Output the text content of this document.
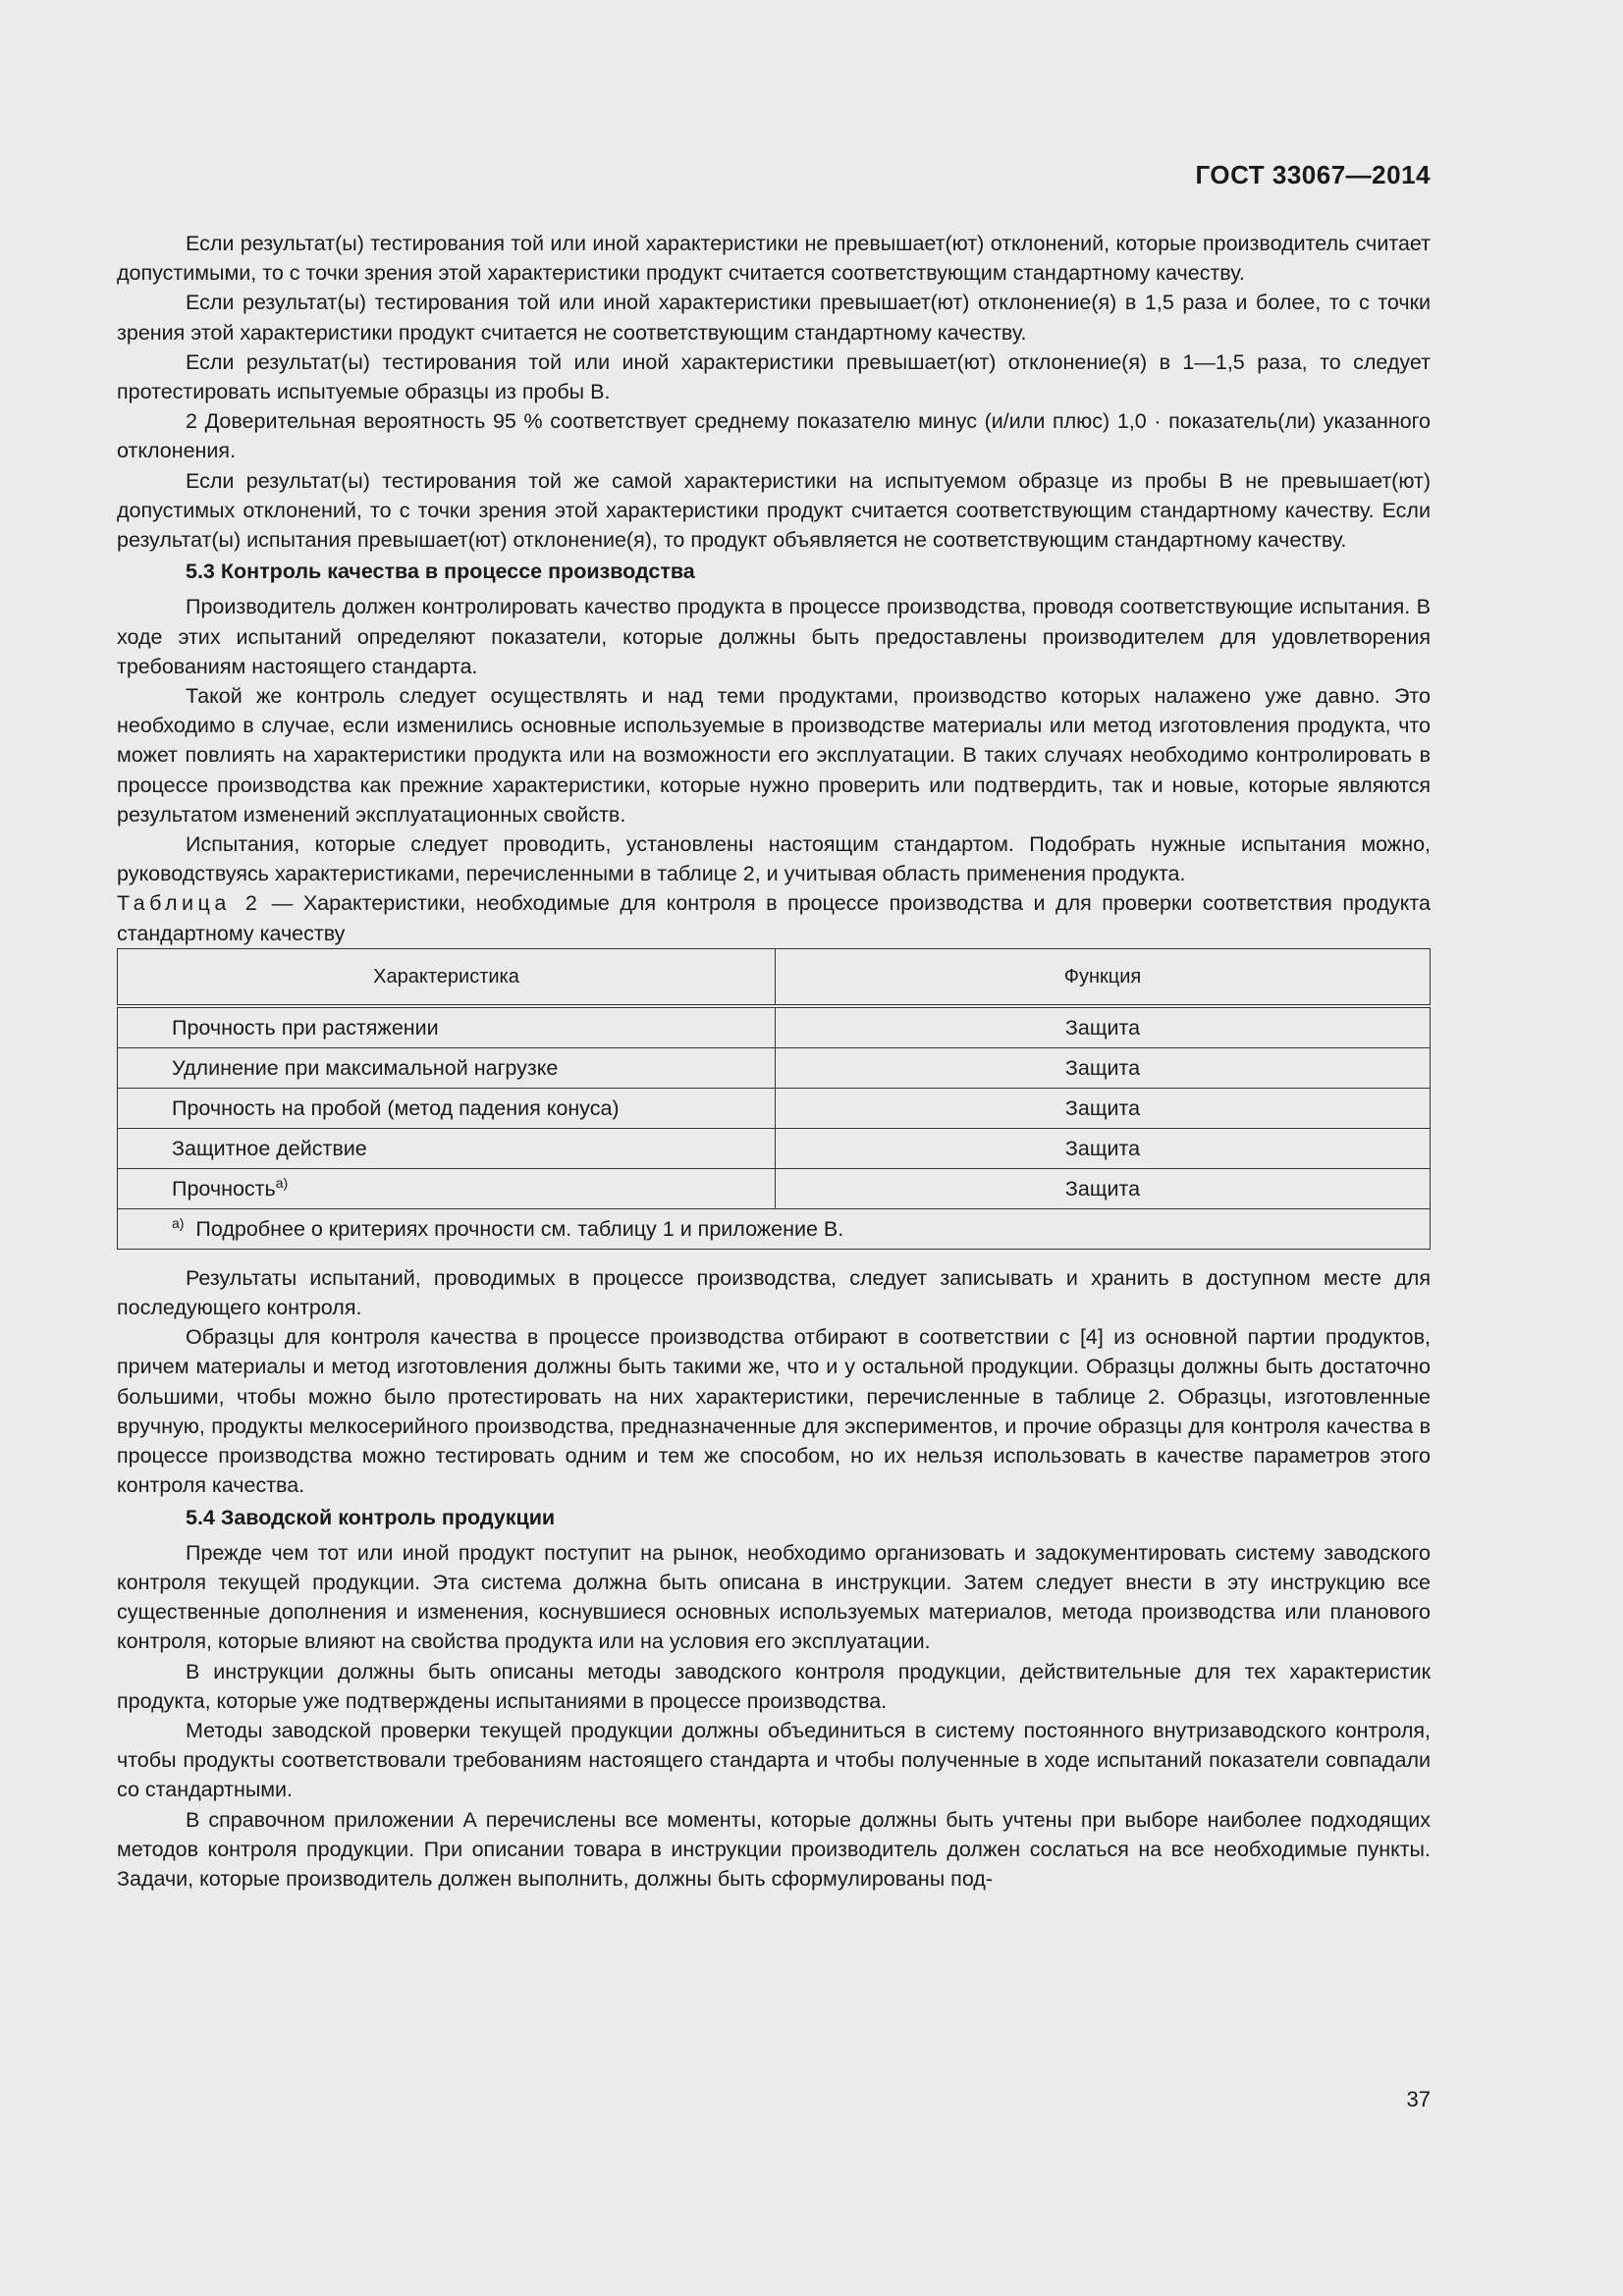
ГОСТ 33067—2014

Если результат(ы) тестирования той или иной характеристики не превышает(ют) отклонений, которые производитель считает допустимыми, то с точки зрения этой характеристики продукт считается соответствующим стандартному качеству.

Если результат(ы) тестирования той или иной характеристики превышает(ют) отклонение(я) в 1,5 раза и более, то с точки зрения этой характеристики продукт считается не соответствующим стандартному качеству.

Если результат(ы) тестирования той или иной характеристики превышает(ют) отклонение(я) в 1—1,5 раза, то следует протестировать испытуемые образцы из пробы В.

2 Доверительная вероятность 95 % соответствует среднему показателю минус (и/или плюс) 1,0 · показатель(ли) указанного отклонения.

Если результат(ы) тестирования той же самой характеристики на испытуемом образце из пробы В не превышает(ют) допустимых отклонений, то с точки зрения этой характеристики продукт считается соответствующим стандартному качеству. Если результат(ы) испытания превышает(ют) отклонение(я), то продукт объявляется не соответствующим стандартному качеству.

5.3 Контроль качества в процессе производства

Производитель должен контролировать качество продукта в процессе производства, проводя соответствующие испытания. В ходе этих испытаний определяют показатели, которые должны быть предоставлены производителем для удовлетворения требованиям настоящего стандарта.

Такой же контроль следует осуществлять и над теми продуктами, производство которых налажено уже давно. Это необходимо в случае, если изменились основные используемые в производстве материалы или метод изготовления продукта, что может повлиять на характеристики продукта или на возможности его эксплуатации. В таких случаях необходимо контролировать в процессе производства как прежние характеристики, которые нужно проверить или подтвердить, так и новые, которые являются результатом изменений эксплуатационных свойств.

Испытания, которые следует проводить, установлены настоящим стандартом. Подобрать нужные испытания можно, руководствуясь характеристиками, перечисленными в таблице 2, и учитывая область применения продукта.

Таблица 2 — Характеристики, необходимые для контроля в процессе производства и для проверки соответствия продукта стандартному качеству

Характеристика	Функция
Прочность при растяжении	Защита
Удлинение при максимальной нагрузке	Защита
Прочность на пробой (метод падения конуса)	Защита
Защитное действие	Защита
Прочность$^{а)}$	Защита
$^{а)}$ Подробнее о критериях прочности см. таблицу 1 и приложение В.	

Результаты испытаний, проводимых в процессе производства, следует записывать и хранить в доступном месте для последующего контроля.

Образцы для контроля качества в процессе производства отбирают в соответствии с [4] из основной партии продуктов, причем материалы и метод изготовления должны быть такими же, что и у остальной продукции. Образцы должны быть достаточно большими, чтобы можно было протестировать на них характеристики, перечисленные в таблице 2. Образцы, изготовленные вручную, продукты мелкосерийного производства, предназначенные для экспериментов, и прочие образцы для контроля качества в процессе производства можно тестировать одним и тем же способом, но их нельзя использовать в качестве параметров этого контроля качества.

5.4 Заводской контроль продукции

Прежде чем тот или иной продукт поступит на рынок, необходимо организовать и задокументировать систему заводского контроля текущей продукции. Эта система должна быть описана в инструкции. Затем следует внести в эту инструкцию все существенные дополнения и изменения, коснувшиеся основных используемых материалов, метода производства или планового контроля, которые влияют на свойства продукта или на условия его эксплуатации.

В инструкции должны быть описаны методы заводского контроля продукции, действительные для тех характеристик продукта, которые уже подтверждены испытаниями в процессе производства.

Методы заводской проверки текущей продукции должны объединиться в систему постоянного внутризаводского контроля, чтобы продукты соответствовали требованиям настоящего стандарта и чтобы полученные в ходе испытаний показатели совпадали со стандартными.

В справочном приложении А перечислены все моменты, которые должны быть учтены при выборе наиболее подходящих методов контроля продукции. При описании товара в инструкции производитель должен сослаться на все необходимые пункты. Задачи, которые производитель должен выполнить, должны быть сформулированы под-

37
